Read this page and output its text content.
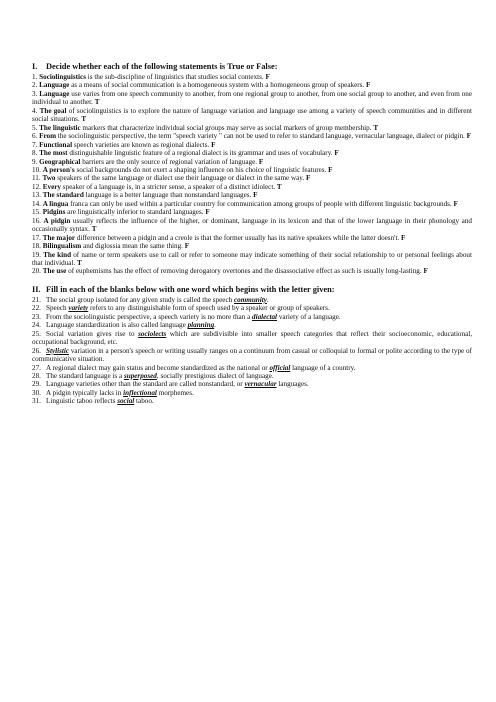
I. Decide whether each of the following statements is True or False:

1. Sociolinguistics is the sub-discipline of linguistics that studies social contexts. F

2. Language as a means of social communication is a homogeneous system with a homogeneous group of speakers. F

3. Language use varies from one speech community to another, from one regional group to another, from one social group to another, and even from one individual to another. T

4. The goal of sociolinguistics is to explore the nature of language variation and language use among a variety of speech communities and in different social situations. T

5. The linguistic markers that characterize individual social groups may serve as social markers of group membership. T

6. From the sociolinguistic perspective, the term "speech variety " can not be used to refer to standard language, vernacular language, dialect or pidgin. F

7. Functional speech varieties are known as regional dialects. F

8. The most distinguishable linguistic feature of a regional dialect is its grammar and uses of vocabulary. F

9. Geographical barriers are the only source of regional variation of language. F

10. A person's social backgrounds do not exert a shaping influence on his choice of linguistic features. F

11. Two speakers of the same language or dialect use their language or dialect in the same way. F

12. Every speaker of a language is, in a stricter sense, a speaker of a distinct idiolect. T

13. The standard language is a better language than nonstandard languages. F

14. A lingua franca can only be used within a particular country for communication among groups of people with different linguistic backgrounds. F

15. Pidgins are linguistically inferior to standard languages. F

16. A pidgin usually reflects the influence of the higher, or dominant, language in its lexicon and that of the lower language in their phonology and occasionally syntax. T

17. The major difference between a pidgin and a creole is that the former usually has its native speakers while the latter doesn't. F

18. Bilingualism and diglossia mean the same thing. F

19. The kind of name or term speakers use to call or refer to someone may indicate something of their social relationship to or personal feelings about that individual. T

20. The use of euphemisms has the effect of removing derogatory overtones and the disassociative effect as such is usually long-lasting. F

II. Fill in each of the blanks below with one word which begins with the letter given:

21. The social group isolated for any given study is called the speech community.

22. Speech variety refers to any distinguishable form of speech used by a speaker or group of speakers.

23. From the sociolinguistic perspective, a speech variety is no more than a dialectal variety of a language.

24. Language standardization is also called language planning.

25. Social variation gives rise to sociolects which are subdivisible into smaller speech categories that reflect their socioeconomic, educational, occupational background, etc.

26. Stylistic variation in a person's speech or writing usually ranges on a continuum from casual or colloquial to formal or polite according to the type of communicative situation.

27. A regional dialect may gain status and become standardized as the national or official language of a country.

28. The standard language is a superposed, socially prestigious dialect of language.

29. Language varieties other than the standard are called nonstandard, or vernacular languages.

30. A pidgin typically lacks in inflectional morphemes.

31. Linguistic taboo reflects social taboo.
